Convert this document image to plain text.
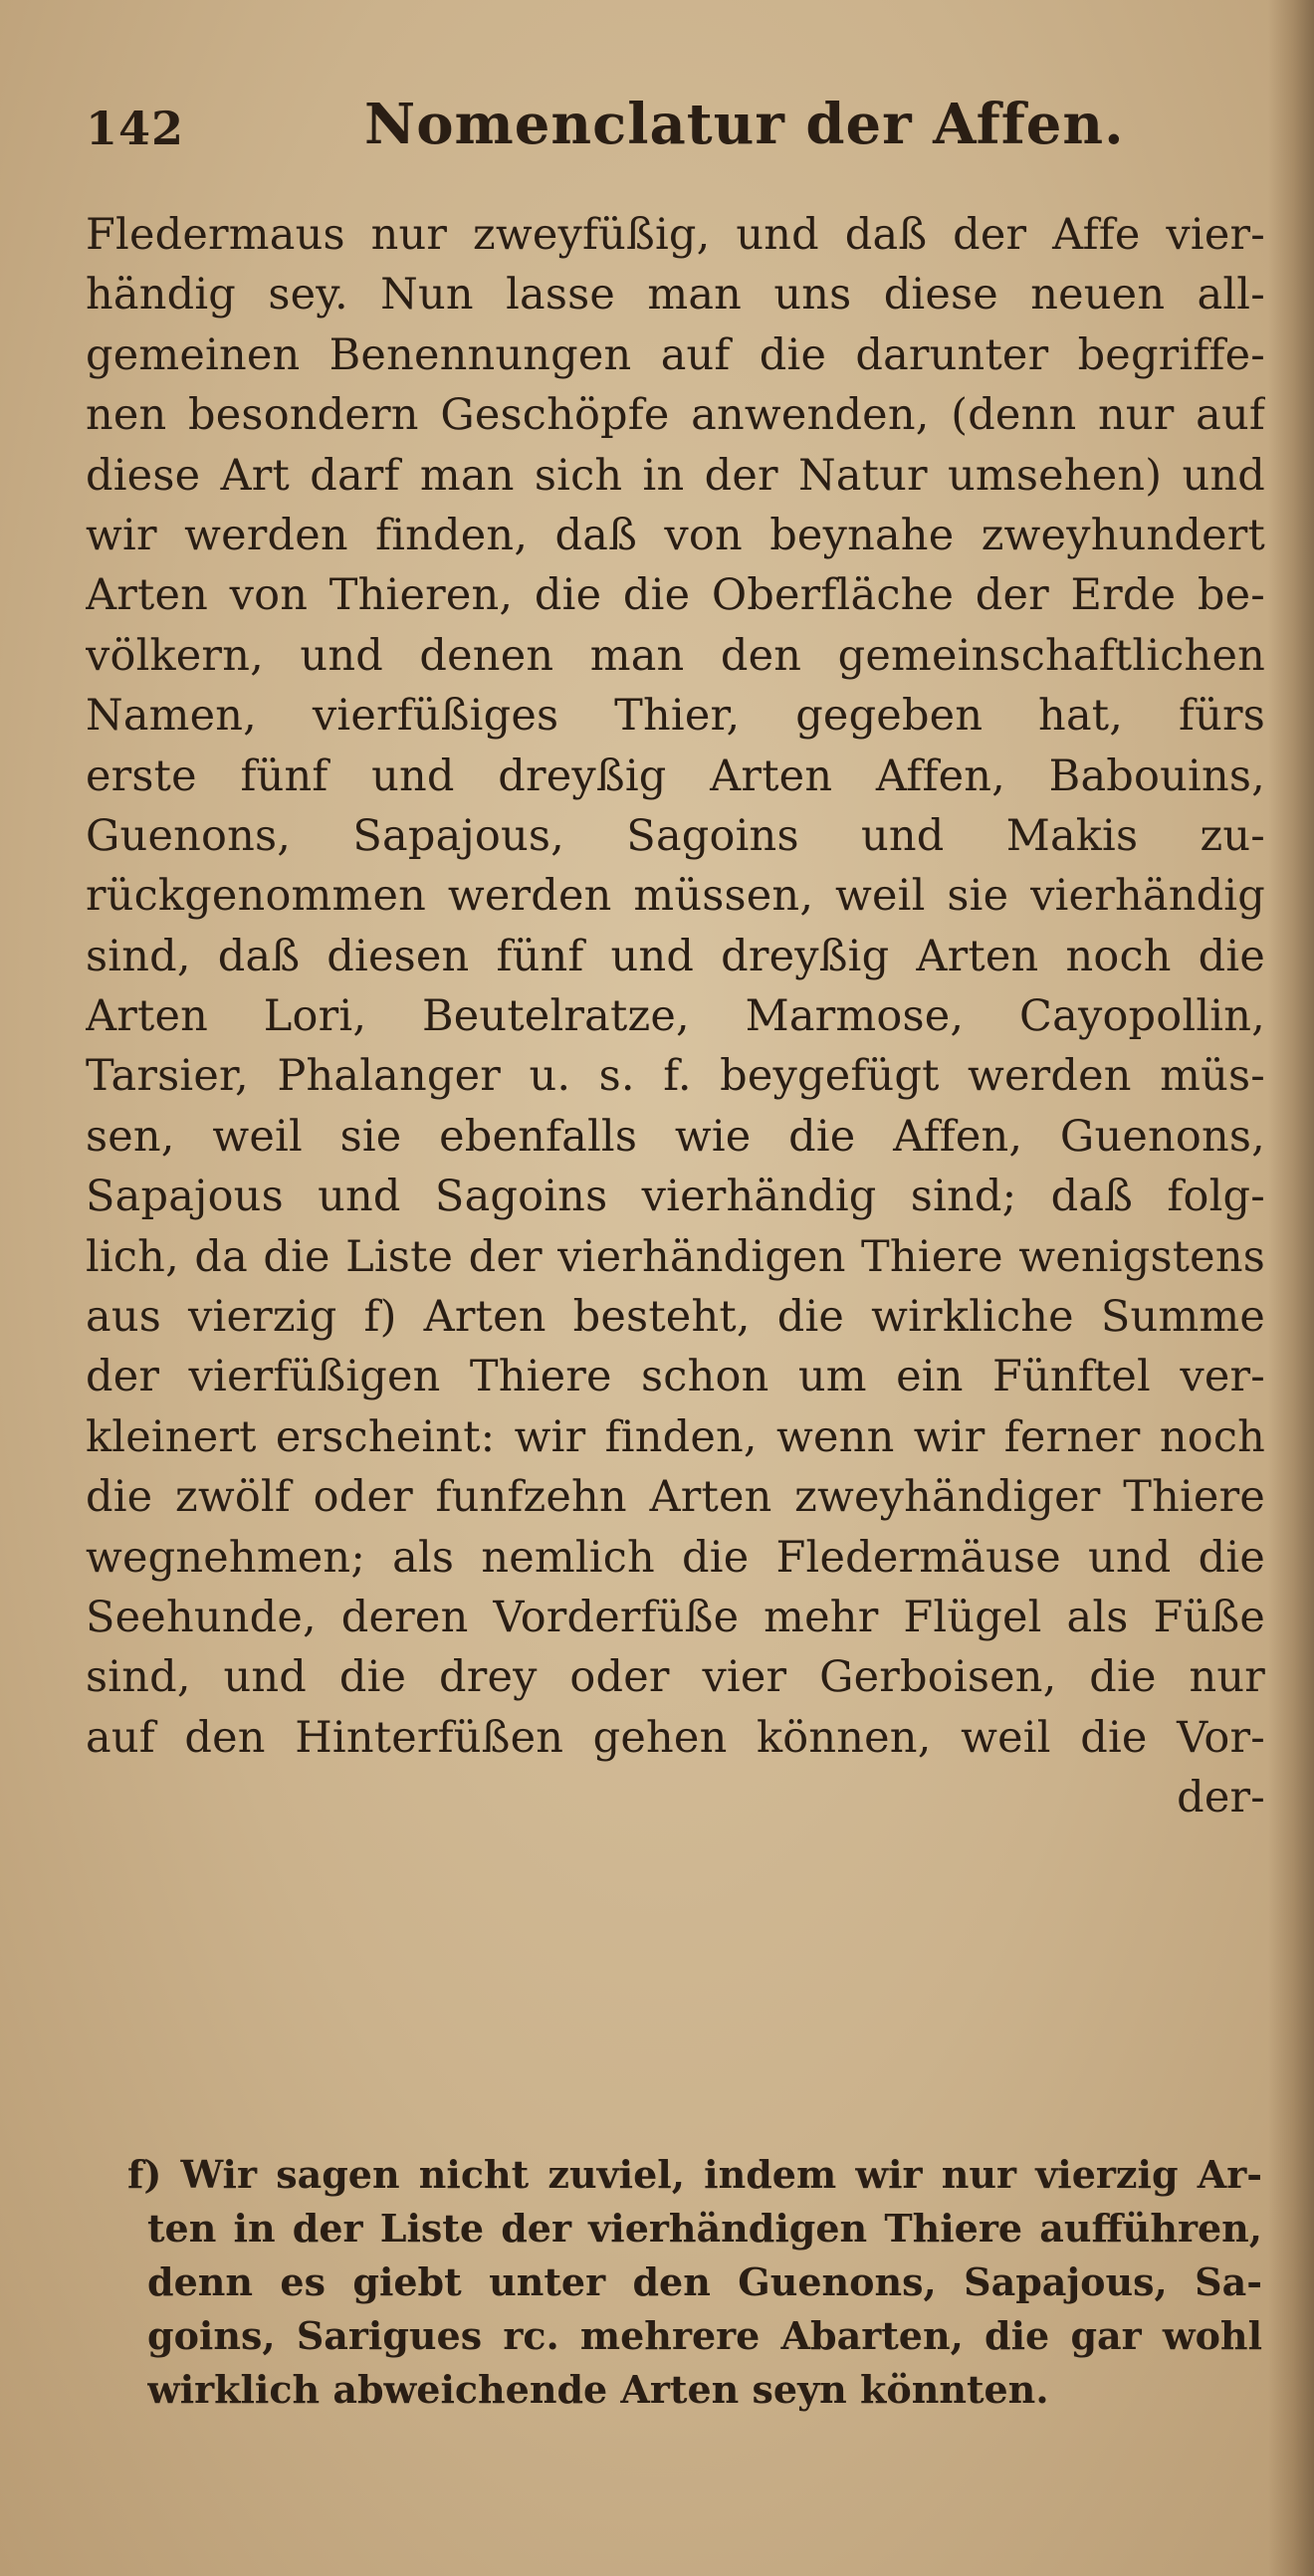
142	Nomenclatur der Affen.
Fledermaus nur zweyfüßig, und daß der Affe vier-
händig sey. Nun lasse man uns diese neuen all-
gemeinen Benennungen auf die darunter begriffe-
nen besondern Geschöpfe anwenden, (denn nur auf
diese Art darf man sich in der Natur umsehen) und
wir werden finden, daß von beynahe zweyhundert
Arten von Thieren, die die Oberfläche der Erde be-
völkern, und denen man den gemeinschaftlichen
Namen, vierfüßiges Thier, gegeben hat, fürs
erste fünf und dreyßig Arten Affen, Babouins,
Guenons, Sapajous, Sagoins und Makis zu-
rückgenommen werden müssen, weil sie vierhändig
sind, daß diesen fünf und dreyßig Arten noch die
Arten Lori, Beutelratze, Marmose, Cayopollin,
Tarsier, Phalanger u. s. f. beygefügt werden müs-
sen, weil sie ebenfalls wie die Affen, Guenons,
Sapajous und Sagoins vierhändig sind; daß folg-
lich, da die Liste der vierhändigen Thiere wenigstens
aus vierzig f) Arten besteht, die wirkliche Summe
der vierfüßigen Thiere schon um ein Fünftel ver-
kleinert erscheint: wir finden, wenn wir ferner noch
die zwölf oder funfzehn Arten zweyhändiger Thiere
wegnehmen; als nemlich die Fledermäuse und die
Seehunde, deren Vorderfüße mehr Flügel als Füße
sind, und die drey oder vier Gerboisen, die nur
auf den Hinterfüßen gehen können, weil die Vor-
der-
f) Wir sagen nicht zuviel, indem wir nur vierzig Ar-
ten in der Liste der vierhändigen Thiere aufführen,
denn es giebt unter den Guenons, Sapajous, Sa-
goins, Sarigues rc. mehrere Abarten, die gar wohl
wirklich abweichende Arten seyn könnten.
